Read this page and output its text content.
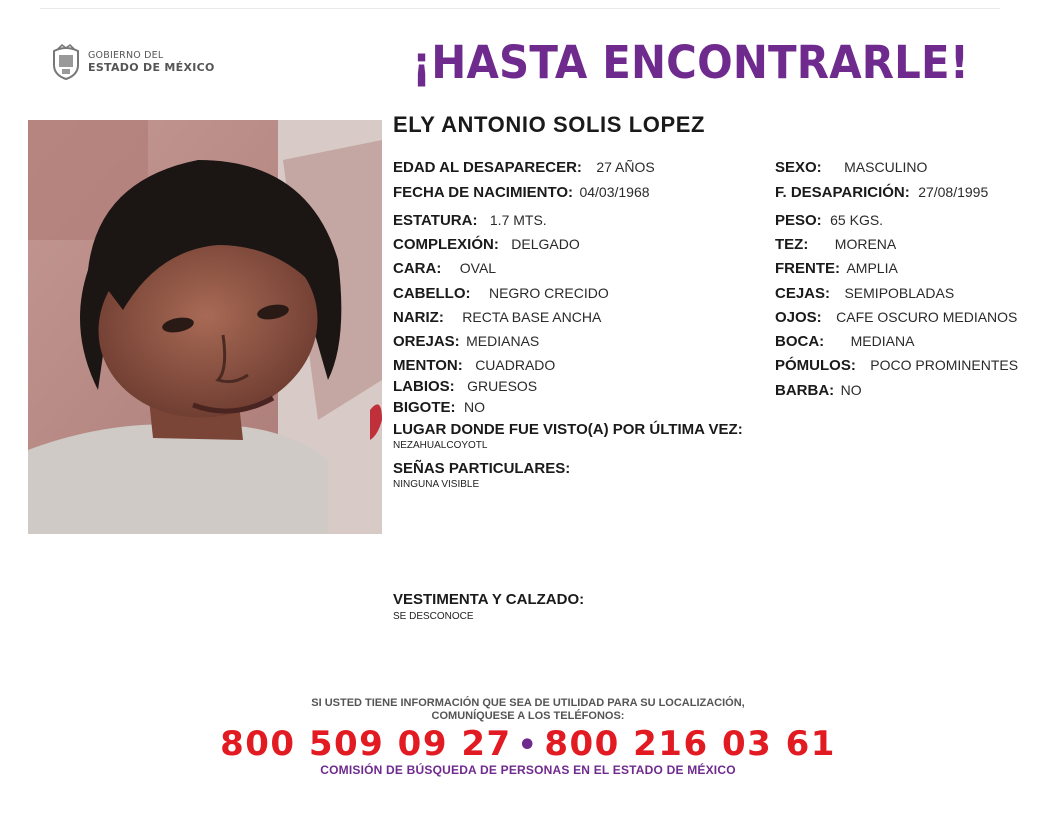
GOBIERNO DEL
ESTADO DE MÉXICO	¡HASTA ENCONTRARLE!
ELY ANTONIO SOLIS LOPEZ
EDAD AL DESAPARECER: 27 AÑOS
FECHA DE NACIMIENTO: 04/03/1968
ESTATURA: 1.7 MTS.
COMPLEXIÓN: DELGADO
CARA: OVAL
CABELLO: NEGRO CRECIDO
NARIZ: RECTA BASE ANCHA
OREJAS: MEDIANAS
MENTON: CUADRADO
LABIOS: GRUESOS
BIGOTE: NO
SEXO: MASCULINO
F. DESAPARICIÓN: 27/08/1995
PESO: 65 KGS.
TEZ: MORENA
FRENTE: AMPLIA
CEJAS: SEMIPOBLADAS
OJOS: CAFE OSCURO MEDIANOS
BOCA: MEDIANA
PÓMULOS: POCO PROMINENTES
BARBA: NO
LUGAR DONDE FUE VISTO(A) POR ÚLTIMA VEZ:
NEZAHUALCOYOTL
SEÑAS PARTICULARES:
NINGUNA VISIBLE
VESTIMENTA Y CALZADO:
SE DESCONOCE
SI USTED TIENE INFORMACIÓN QUE SEA DE UTILIDAD PARA SU LOCALIZACIÓN,
COMUNÍQUESE A LOS TELÉFONOS:
800 509 09 27 • 800 216 03 61
COMISIÓN DE BÚSQUEDA DE PERSONAS EN EL ESTADO DE MÉXICO
